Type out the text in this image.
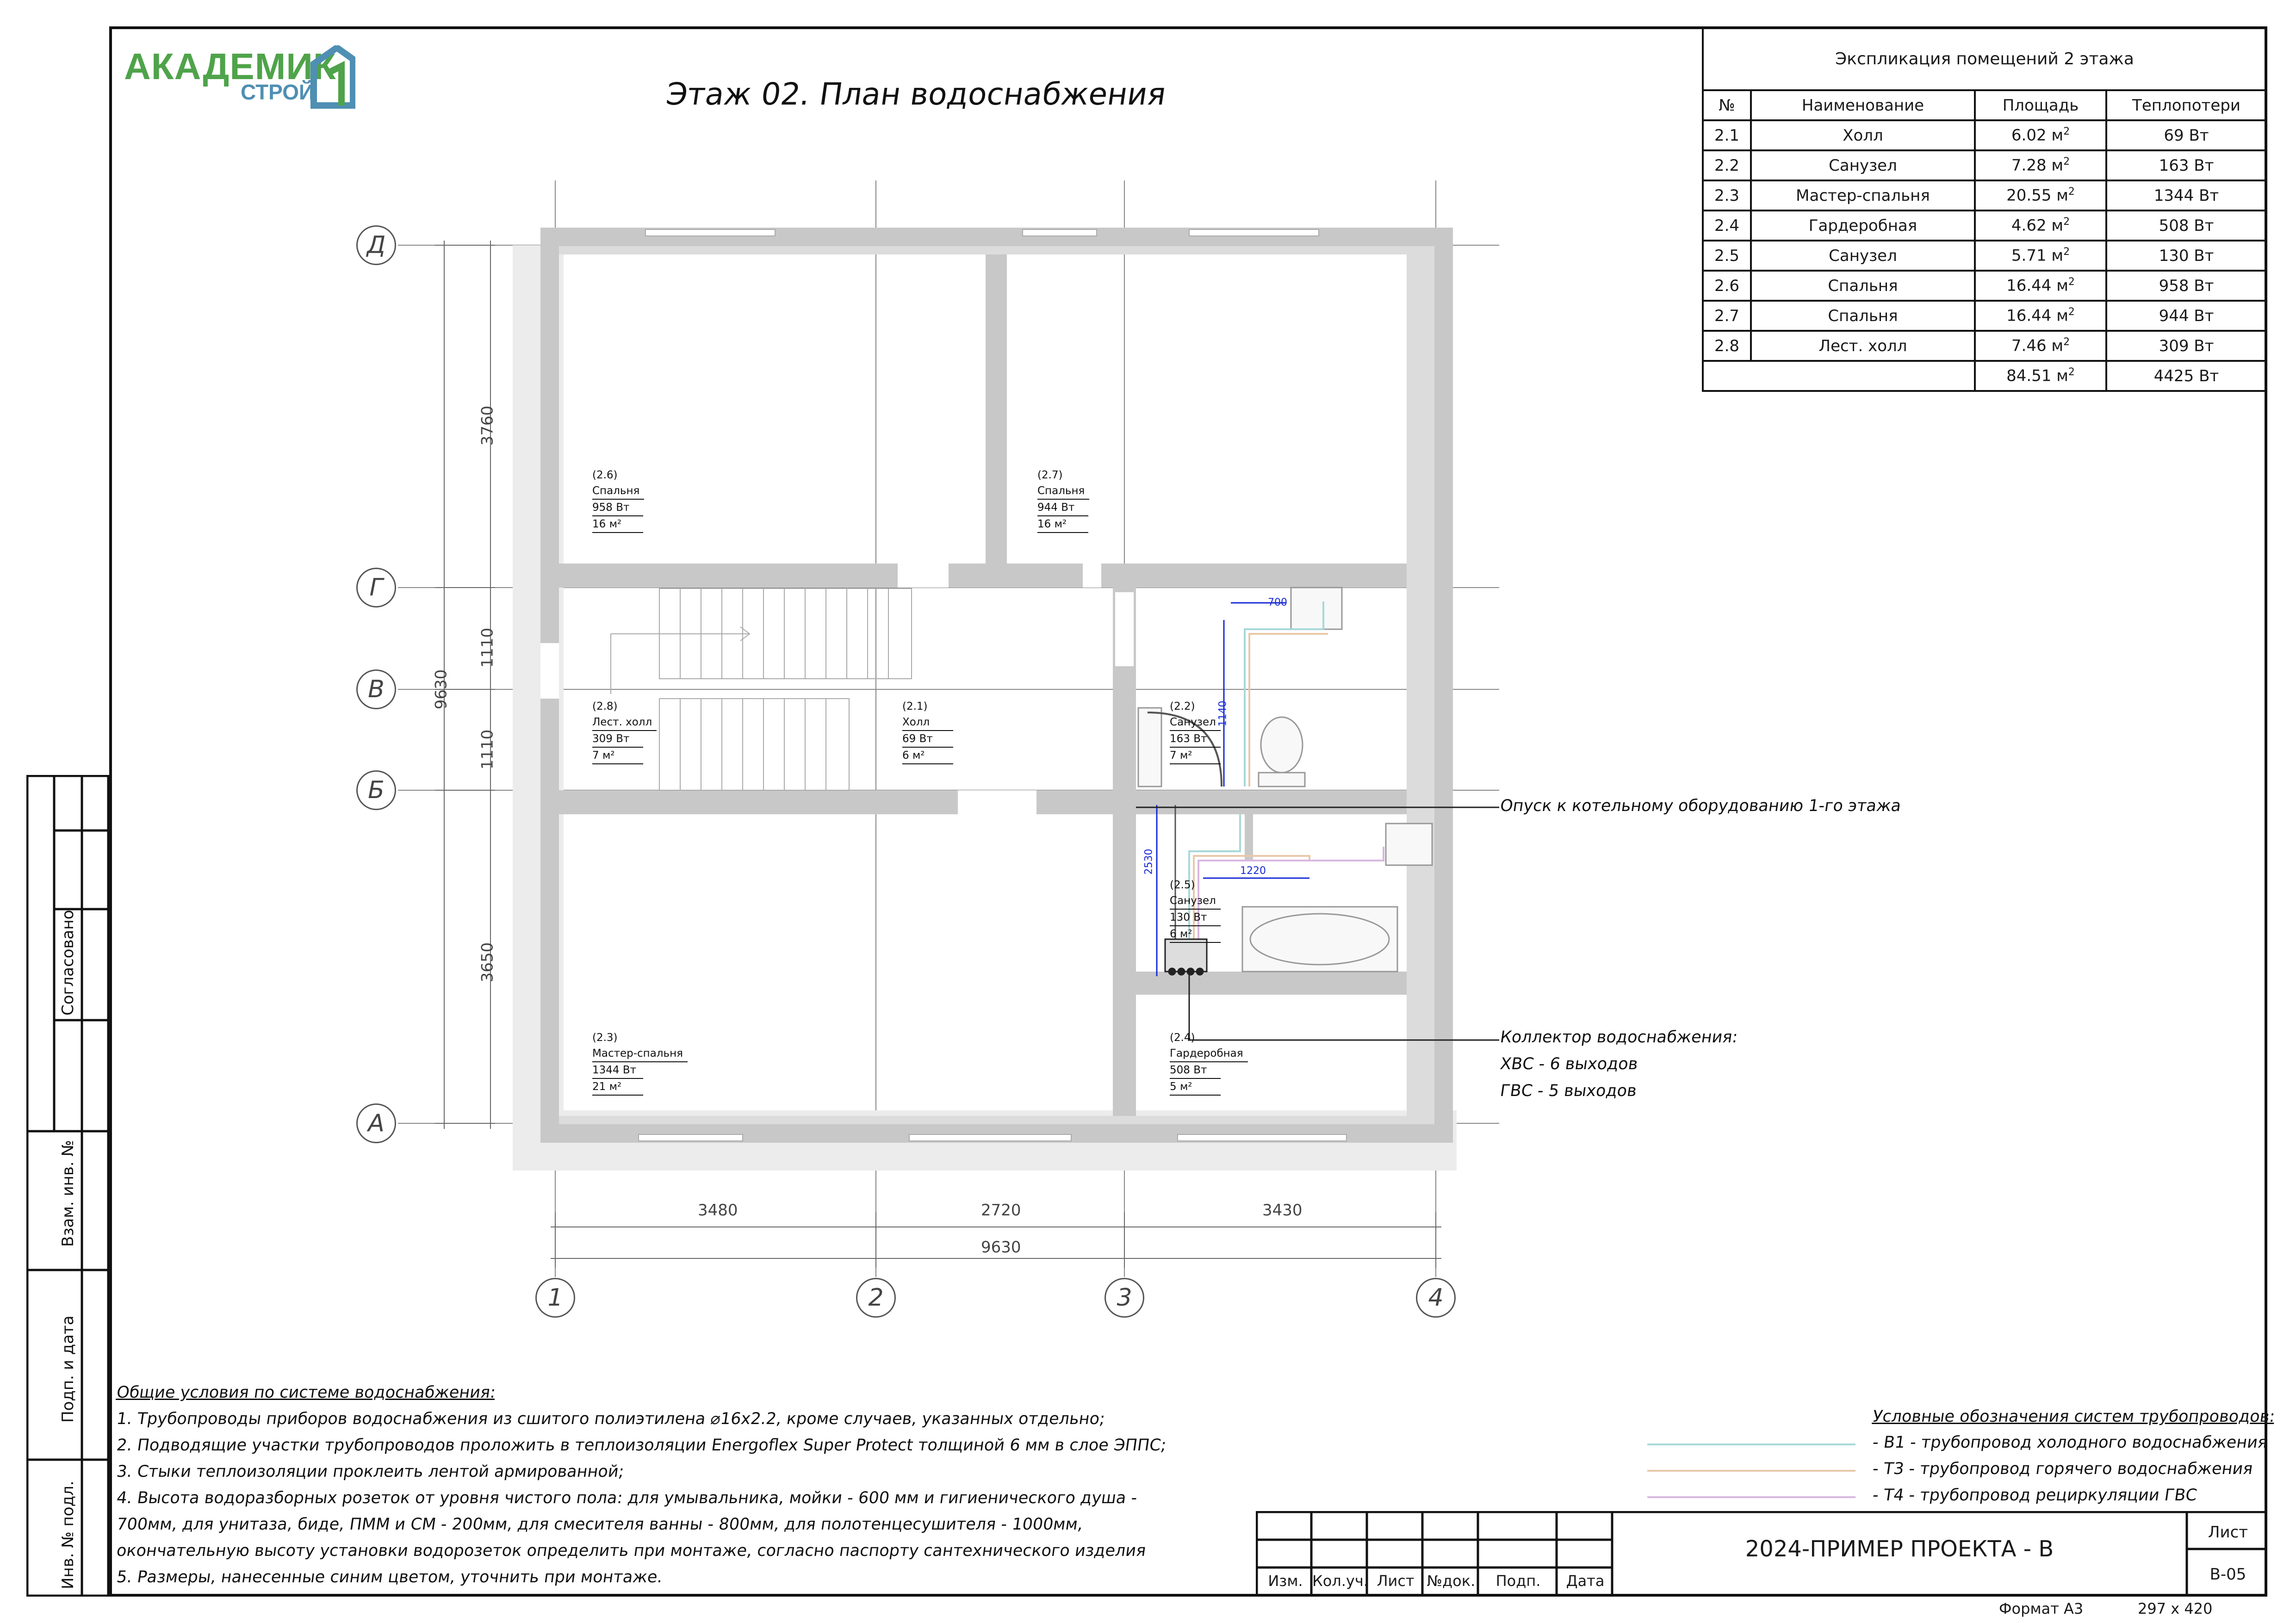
Согласовано
Взам. инв. №
Подп. и дата
Инв. № подл.
АКАДЕМИК
СТРОЙ	Этаж 02. План водоснабжения
Экспликация помещений 2 этажа			
№	Наименование	Площадь	Теплопотери
2.1	Холл	6.02 $м^2$	69 Вт
2.2	Санузел	7.28 $м^2$	163 Вт
2.3	Мастер-спальня	20.55 $м^2$	1344 Вт
2.4	Гардеробная	4.62 $м^2$	508 Вт
2.5	Санузел	5.71 $м^2$	130 Вт
2.6	Спальня	16.44 $м^2$	958 Вт
2.7	Спальня	16.44 $м^2$	944 Вт
2.8	Лест. холл	7.46 $м^2$	309 Вт
		84.51 $м^2$	4425 Вт
Д
Г
В
Б
А
1	2	3	4
9630
3760
1110
1110
3650
3480	2720	3430
9630
700
1140
1220
2530
(2.6)
Спальня
958 Вт
16 м²
(2.7)
Спальня
944 Вт
16 м²
(2.8)
Лест. холл
309 Вт
7 м²
(2.1)
Холл
69 Вт
6 м²
(2.2)
Санузел
163 Вт
7 м²
(2.5)
Санузел
130 Вт
6 м²
(2.3)
Мастер-спальня
1344 Вт
21 м²
(2.4)
Гардеробная
508 Вт
5 м²
Опуск к котельному оборудованию 1-го этажа
Коллектор водоснабжения:
ХВС - 6 выходов
ГВС - 5 выходов
Общие условия по системе водоснабжения:
1. Трубопроводы приборов водоснабжения из сшитого полиэтилена ⌀16х2.2, кроме случаев, указанных отдельно;
2. Подводящие участки трубопроводов проложить в теплоизоляции Energoflex Super Protect толщиной 6 мм в слое ЭППС;
3. Стыки теплоизоляции проклеить лентой армированной;
4. Высота водоразборных розеток от уровня чистого пола: для умывальника, мойки - 600 мм и гигиенического душа -
700мм, для унитаза, биде, ПММ и СМ - 200мм, для смесителя ванны - 800мм, для полотенцесушителя - 1000мм,
окончательную высоту установки водорозеток определить при монтаже, согласно паспорту сантехнического изделия
5. Размеры, нанесенные синим цветом, уточнить при монтаже.
Условные обозначения систем трубопроводов:
- В1 - трубопровод холодного водоснабжения
- Т3 - трубопровод горячего водоснабжения
- Т4 - трубопровод рециркуляции ГВС
Изм. Кол.уч. Лист №док.	Подп.	Дата
2024-ПРИМЕР ПРОЕКТА - В
Лист
В-05
Формат А3	297 х 420
